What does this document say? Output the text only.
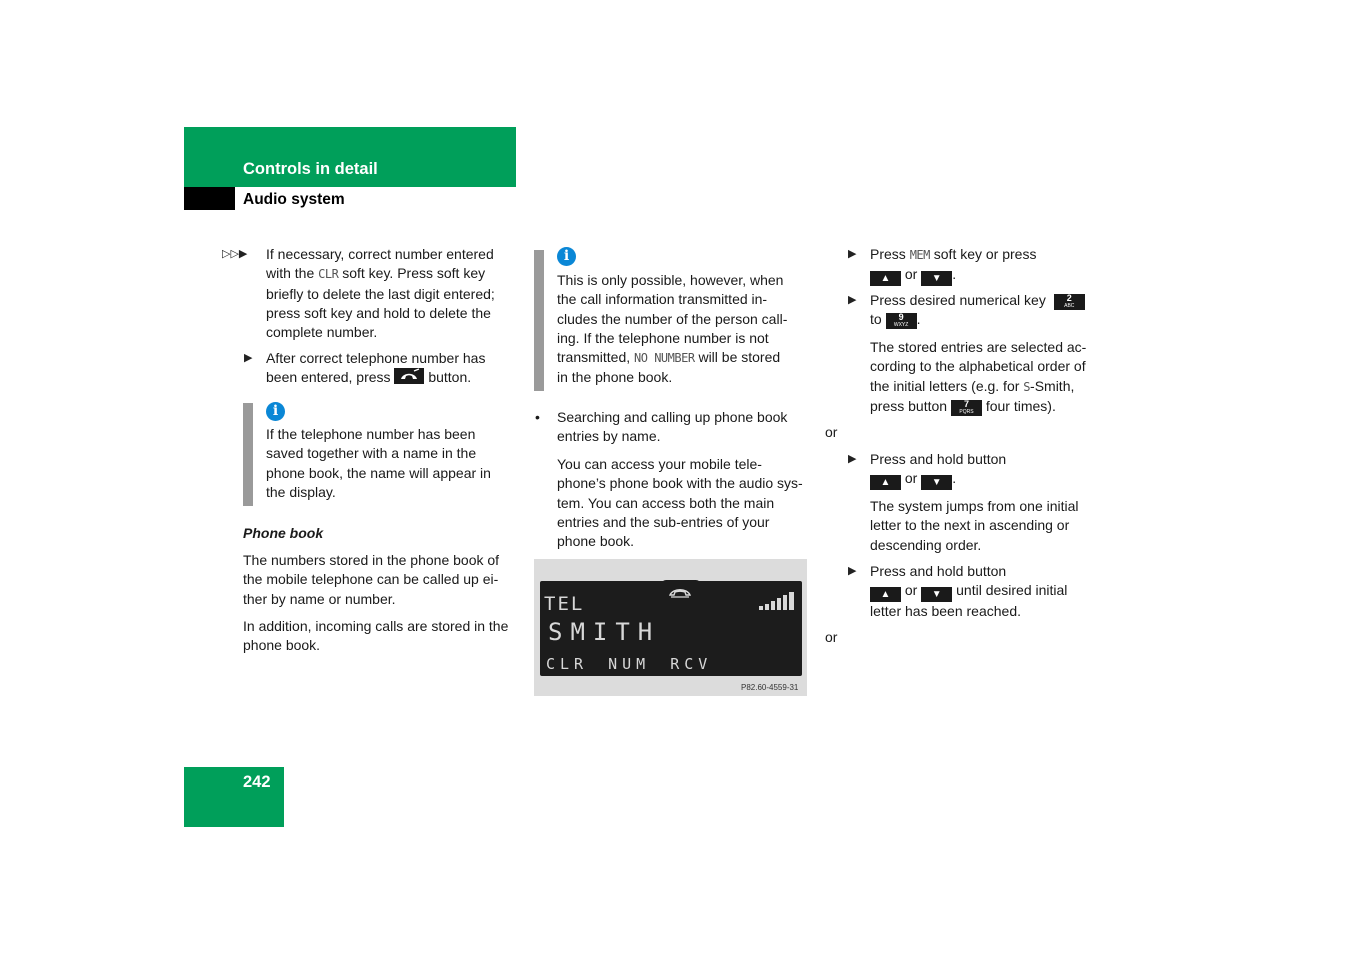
Controls in detail
Audio system
▷▷▶ If necessary, correct number entered
with the CLR soft key. Press soft key
briefly to delete the last digit entered;
press soft key and hold to delete the
complete number.
▶ After correct telephone number has
been entered, press	button.
i
If the telephone number has been
saved together with a name in the
phone book, the name will appear in
the display.
Phone book
The numbers stored in the phone book of
the mobile telephone can be called up ei-
ther by name or number.
In addition, incoming calls are stored in the
phone book.
i
This is only possible, however, when
the call information transmitted in-
cludes the number of the person call-
ing. If the telephone number is not
transmitted, NO NUMBER will be stored
in the phone book.
• Searching and calling up phone book
entries by name.
You can access your mobile tele-
phone’s phone book with the audio sys-
tem. You can access both the main
entries and the sub-entries of your
phone book.
TEL
SMITH
CLR NUM RCV
P82.60-4559-31
▶ Press MEM soft key or press
▲ or ▼ .
▶ Press desired numerical key	2
ABC
to	9
WXYZ .
The stored entries are selected ac-
cording to the alphabetical order of
the initial letters (e.g. for S-Smith,
press button	7
PQRS four times).
or
▶ Press and hold button
▲ or ▼ .
The system jumps from one initial
letter to the next in ascending or
descending order.
▶ Press and hold button
▲ or ▼ until desired initial
letter has been reached.
or
242
